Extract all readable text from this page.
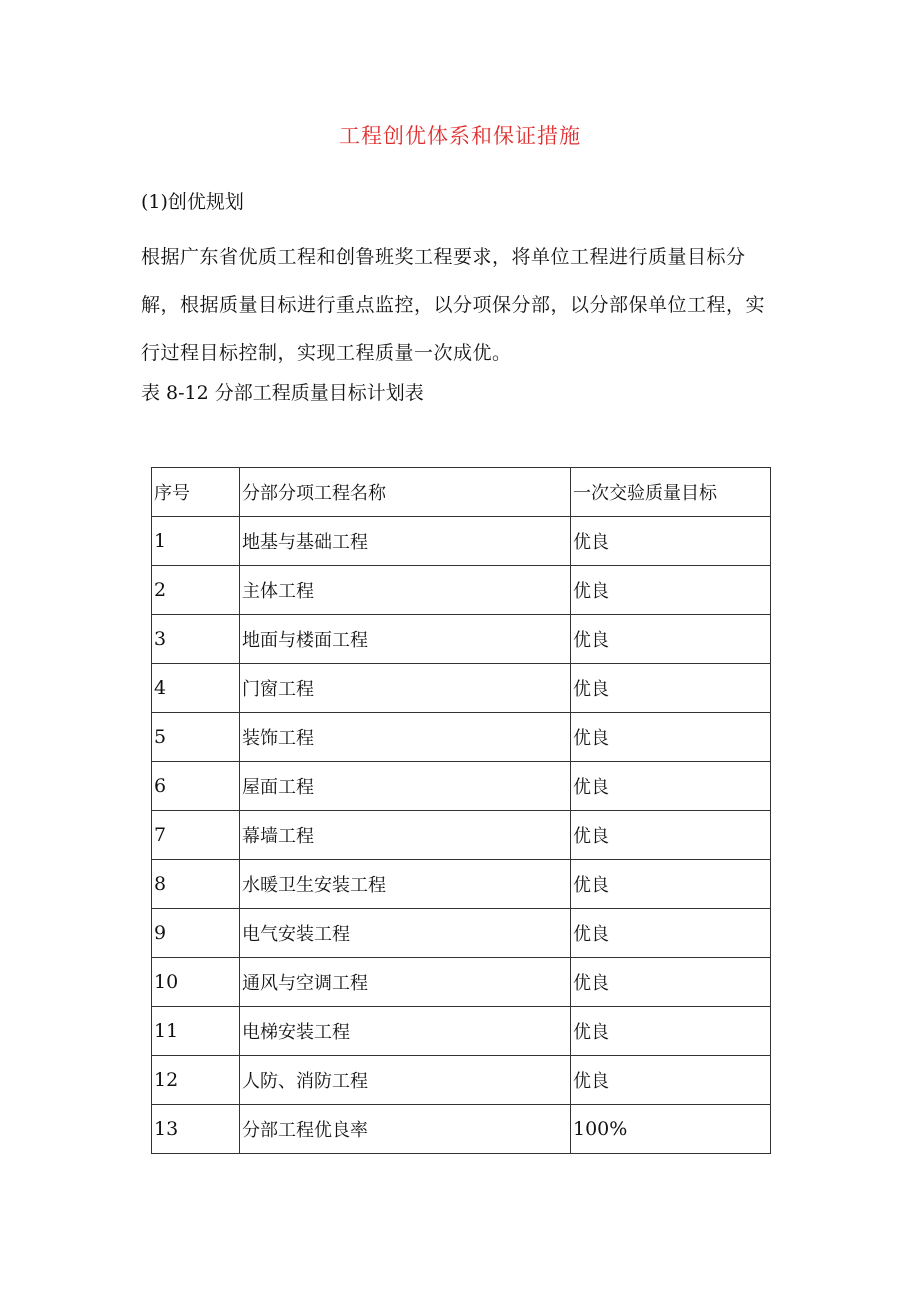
工程创优体系和保证措施
(1)创优规划
根据广东省优质工程和创鲁班奖工程要求，将单位工程进行质量目标分
解，根据质量目标进行重点监控，以分项保分部，以分部保单位工程，实
行过程目标控制，实现工程质量一次成优。
表 8-12 分部工程质量目标计划表
序号	分部分项工程名称	一次交验质量目标
1	地基与基础工程	优良
2	主体工程	优良
3	地面与楼面工程	优良
4	门窗工程	优良
5	装饰工程	优良
6	屋面工程	优良
7	幕墙工程	优良
8	水暖卫生安装工程	优良
9	电气安装工程	优良
10	通风与空调工程	优良
11	电梯安装工程	优良
12	人防、消防工程	优良
13	分部工程优良率	100%
